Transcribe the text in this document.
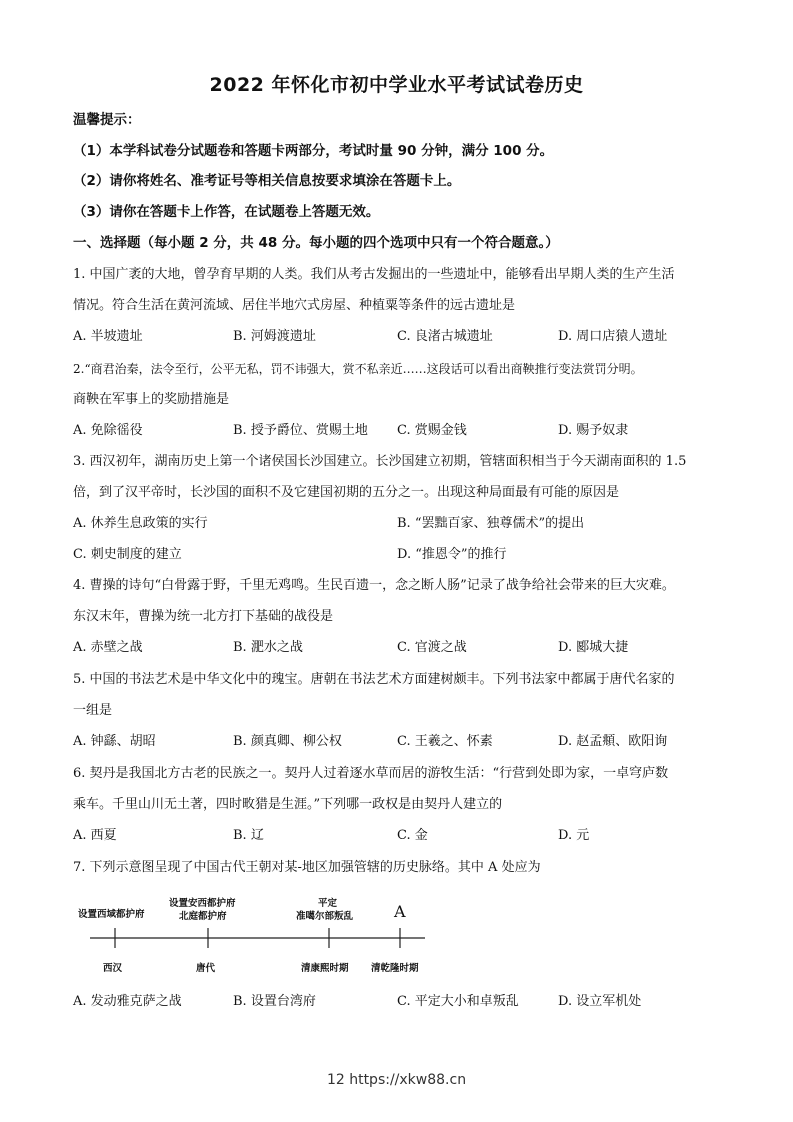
2022 年怀化市初中学业水平考试试卷历史
温馨提示：
（1）本学科试卷分试题卷和答题卡两部分，考试时量 90 分钟，满分 100 分。
（2）请你将姓名、准考证号等相关信息按要求填涂在答题卡上。
（3）请你在答题卡上作答，在试题卷上答题无效。
一、选择题（每小题 2 分，共 48 分。每小题的四个选项中只有一个符合题意。）
1. 中国广袤的大地，曾孕育早期的人类。我们从考古发掘出的一些遗址中，能够看出早期人类的生产生活
情况。符合生活在黄河流域、居住半地穴式房屋、种植粟等条件的远古遗址是
A. 半坡遗址	B. 河姆渡遗址	C. 良渚古城遗址	D. 周口店猿人遗址
2.“商君治秦，法令至行，公平无私，罚不讳强大，赏不私亲近……这段话可以看出商鞅推行变法赏罚分明。
商鞅在军事上的奖励措施是
A. 免除徭役	B. 授予爵位、赏赐土地 C. 赏赐金钱	D. 赐予奴隶
3. 西汉初年，湖南历史上第一个诸侯国长沙国建立。长沙国建立初期，管辖面积相当于今天湖南面积的 1.5
倍，到了汉平帝时，长沙国的面积不及它建国初期的五分之一。出现这种局面最有可能的原因是
A. 休养生息政策的实行	B. “罢黜百家、独尊儒术”的提出
C. 刺史制度的建立	D. “推恩令”的推行
4. 曹操的诗句“白骨露于野，千里无鸡鸣。生民百遗一，念之断人肠”记录了战争给社会带来的巨大灾难。
东汉末年，曹操为统一北方打下基础的战役是
A. 赤壁之战	B. 淝水之战	C. 官渡之战	D. 郾城大捷
5. 中国的书法艺术是中华文化中的瑰宝。唐朝在书法艺术方面建树颇丰。下列书法家中都属于唐代名家的
一组是
A. 钟繇、胡昭	B. 颜真卿、柳公权	C. 王羲之、怀素	D. 赵孟頫、欧阳询
6. 契丹是我国北方古老的民族之一。契丹人过着逐水草而居的游牧生活：“行营到处即为家，一卓穹庐数
乘车。千里山川无土著，四时畋猎是生涯。”下列哪一政权是由契丹人建立的
A. 西夏	B. 辽	C. 金	D. 元
7. 下列示意图呈现了中国古代王朝对某-地区加强管辖的历史脉络。其中 A 处应为
设置西域都护府
设置安西都护府
北庭都护府
平定
准噶尔部叛乱	A
西汉	唐代	清康熙时期 清乾隆时期
A. 发动雅克萨之战	B. 设置台湾府	C. 平定大小和卓叛乱	D. 设立军机处
12 https://xkw88.cn
